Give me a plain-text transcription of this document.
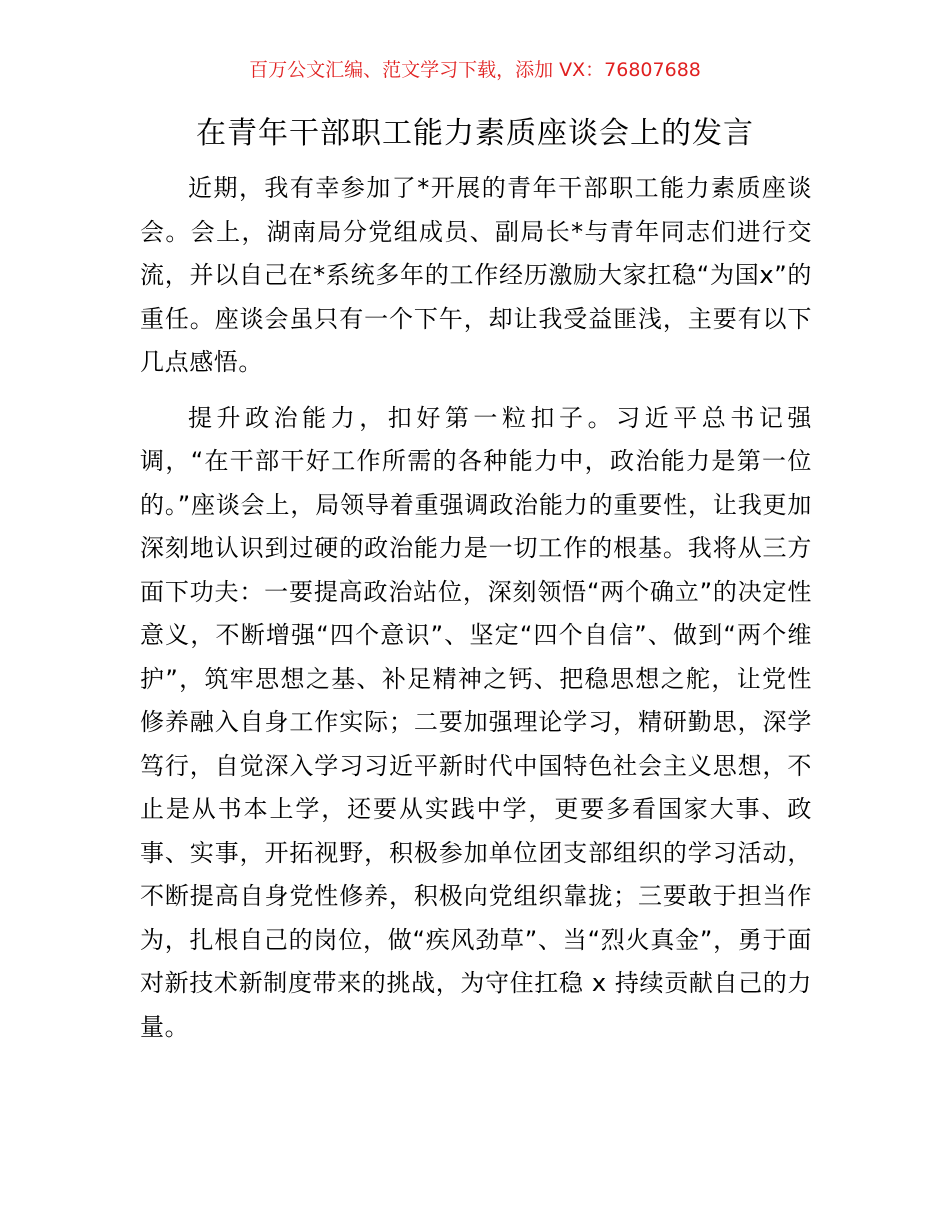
百万公文汇编、范文学习下载，添加 VX：76807688
在青年干部职工能力素质座谈会上的发言

近期，我有幸参加了*开展的青年干部职工能力素质座谈会。会上，湖南局分党组成员、副局长*与青年同志们进行交流，并以自己在*系统多年的工作经历激励大家扛稳“为国x”的重任。座谈会虽只有一个下午，却让我受益匪浅，主要有以下几点感悟。

提升政治能力，扣好第一粒扣子。习近平总书记强调，“在干部干好工作所需的各种能力中，政治能力是第一位的。”座谈会上，局领导着重强调政治能力的重要性，让我更加深刻地认识到过硬的政治能力是一切工作的根基。我将从三方面下功夫：一要提高政治站位，深刻领悟“两个确立”的决定性意义，不断增强“四个意识”、坚定“四个自信”、做到“两个维护”，筑牢思想之基、补足精神之钙、把稳思想之舵，让党性修养融入自身工作实际；二要加强理论学习，精研勤思，深学笃行，自觉深入学习习近平新时代中国特色社会主义思想，不止是从书本上学，还要从实践中学，更要多看国家大事、政事、实事，开拓视野，积极参加单位团支部组织的学习活动，不断提高自身党性修养，积极向党组织靠拢；三要敢于担当作为，扎根自己的岗位，做“疾风劲草”、当“烈火真金”，勇于面对新技术新制度带来的挑战，为守住扛稳 x 持续贡献自己的力量。
